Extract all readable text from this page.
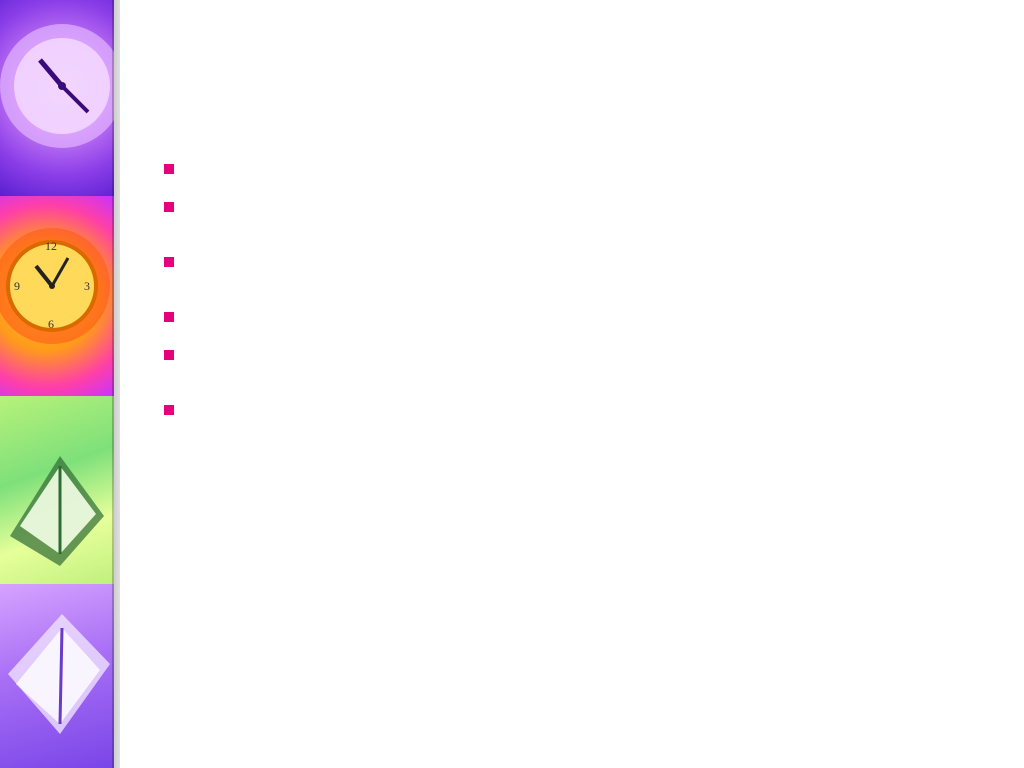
12
9	3
6
